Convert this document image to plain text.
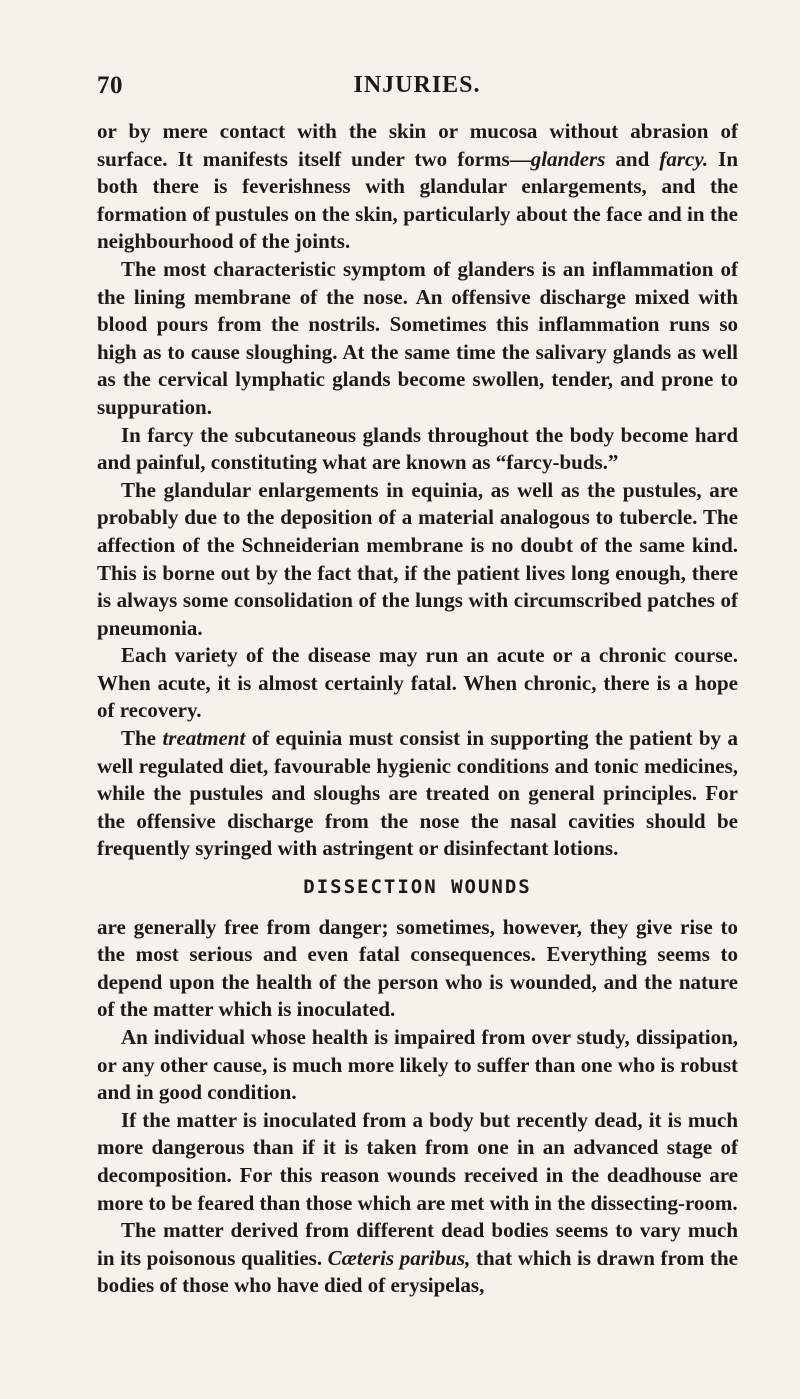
70	INJURIES.

or by mere contact with the skin or mucosa without abrasion of surface. It manifests itself under two forms—glanders and farcy. In both there is feverishness with glandular enlargements, and the formation of pustules on the skin, particularly about the face and in the neighbourhood of the joints.

The most characteristic symptom of glanders is an inflammation of the lining membrane of the nose. An offensive discharge mixed with blood pours from the nostrils. Sometimes this inflammation runs so high as to cause sloughing. At the same time the salivary glands as well as the cervical lymphatic glands become swollen, tender, and prone to suppuration.

In farcy the subcutaneous glands throughout the body become hard and painful, constituting what are known as “farcy-buds.”

The glandular enlargements in equinia, as well as the pustules, are probably due to the deposition of a material analogous to tubercle. The affection of the Schneiderian membrane is no doubt of the same kind. This is borne out by the fact that, if the patient lives long enough, there is always some consolidation of the lungs with circumscribed patches of pneumonia.

Each variety of the disease may run an acute or a chronic course. When acute, it is almost certainly fatal. When chronic, there is a hope of recovery.

The treatment of equinia must consist in supporting the patient by a well regulated diet, favourable hygienic conditions and tonic medicines, while the pustules and sloughs are treated on general principles. For the offensive discharge from the nose the nasal cavities should be frequently syringed with astringent or disinfectant lotions.

DISSECTION WOUNDS

are generally free from danger; sometimes, however, they give rise to the most serious and even fatal consequences. Everything seems to depend upon the health of the person who is wounded, and the nature of the matter which is inoculated.

An individual whose health is impaired from over study, dissipation, or any other cause, is much more likely to suffer than one who is robust and in good condition.

If the matter is inoculated from a body but recently dead, it is much more dangerous than if it is taken from one in an advanced stage of decomposition. For this reason wounds received in the deadhouse are more to be feared than those which are met with in the dissecting-room.

The matter derived from different dead bodies seems to vary much in its poisonous qualities. Cæteris paribus, that which is drawn from the bodies of those who have died of erysipelas,
